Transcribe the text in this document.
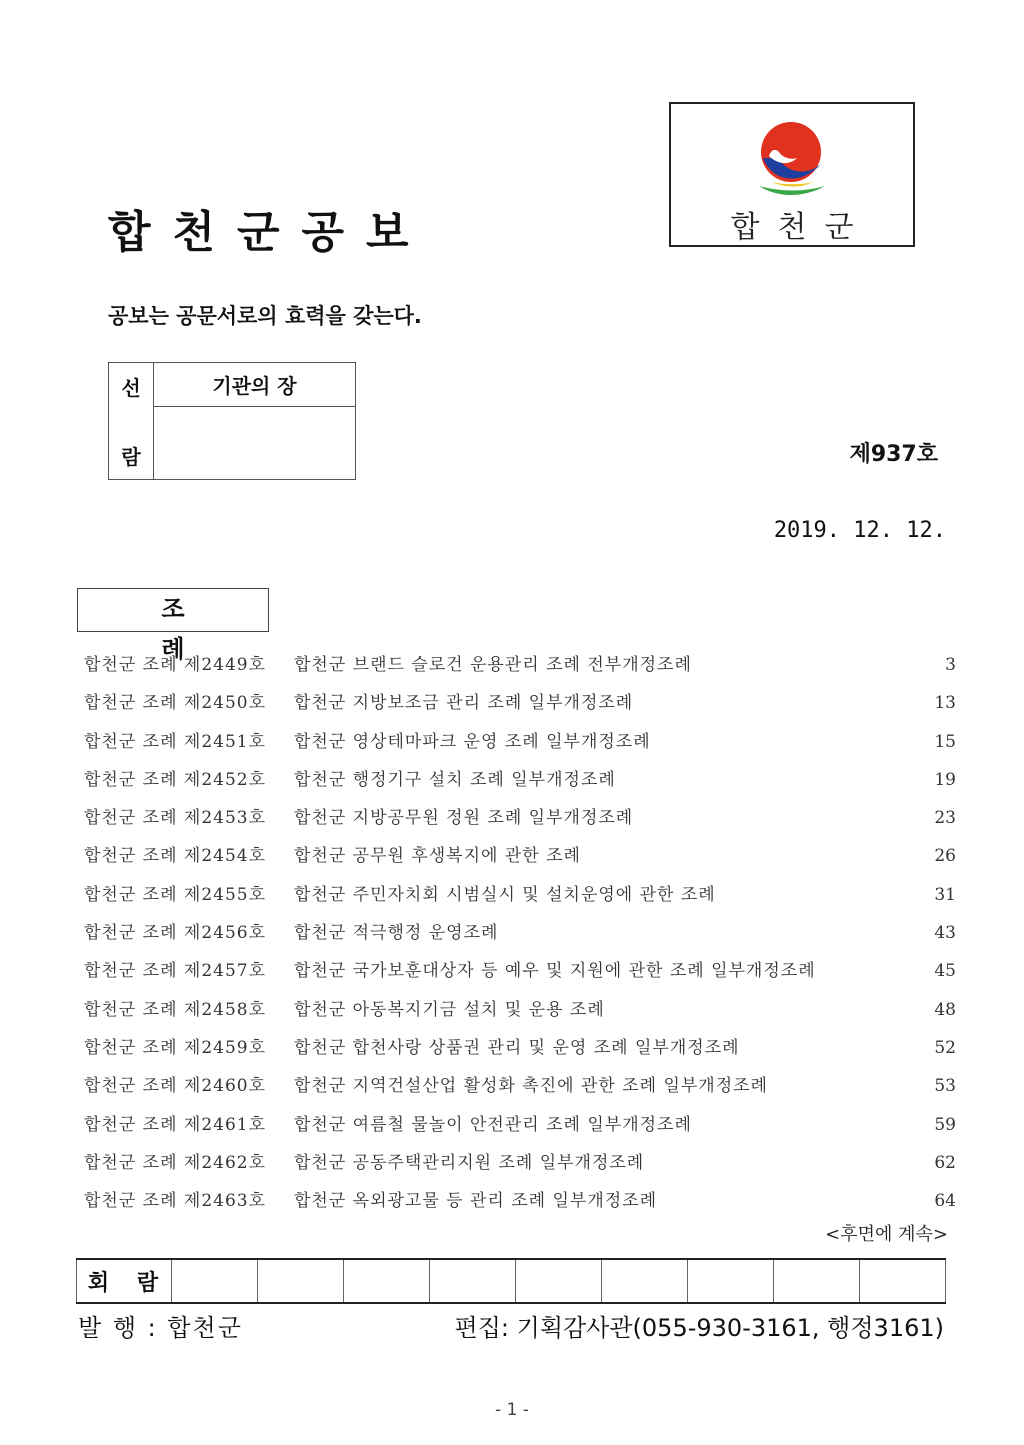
합천군공보	합천군

공보는 공문서로의 효력을 갖는다.

선
람
	기관의 장

제937호
2019. 12. 12.
조 례
합천군 조례 제2449호 합천군 브랜드 슬로건 운용관리 조례 전부개정조례	3
합천군 조례 제2450호 합천군 지방보조금 관리 조례 일부개정조례	13
합천군 조례 제2451호 합천군 영상테마파크 운영 조례 일부개정조례	15
합천군 조례 제2452호 합천군 행정기구 설치 조례 일부개정조례	19
합천군 조례 제2453호 합천군 지방공무원 정원 조례 일부개정조례	23
합천군 조례 제2454호 합천군 공무원 후생복지에 관한 조례	26
합천군 조례 제2455호 합천군 주민자치회 시범실시 및 설치운영에 관한 조례	31
합천군 조례 제2456호 합천군 적극행정 운영조례	43
합천군 조례 제2457호 합천군 국가보훈대상자 등 예우 및 지원에 관한 조례 일부개정조례	45
합천군 조례 제2458호 합천군 아동복지기금 설치 및 운용 조례	48
합천군 조례 제2459호 합천군 합천사랑 상품권 관리 및 운영 조례 일부개정조례	52
합천군 조례 제2460호 합천군 지역건설산업 활성화 촉진에 관한 조례 일부개정조례	53
합천군 조례 제2461호 합천군 여름철 물놀이 안전관리 조례 일부개정조례	59
합천군 조례 제2462호 합천군 공동주택관리지원 조례 일부개정조례	62
합천군 조례 제2463호 합천군 옥외광고물 등 관리 조례 일부개정조례	64
<후면에 계속>
회 람									
발 행 : 합천군	편집: 기획감사관(055-930-3161, 행정3161)
- 1 -
